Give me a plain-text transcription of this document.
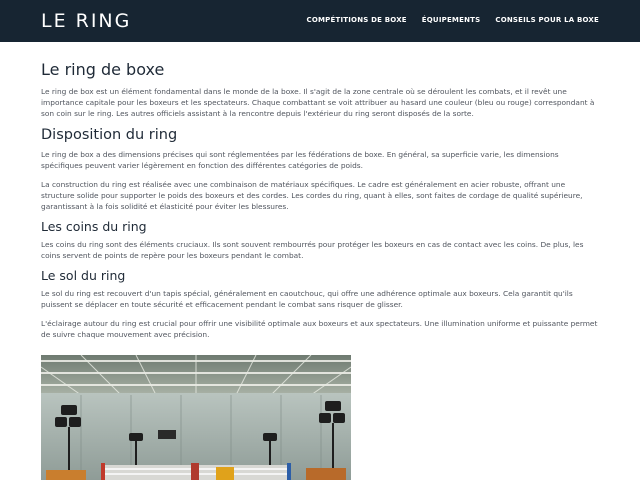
LE RING	COMPÉTITIONS DE BOXE ÉQUIPEMENTS CONSEILS POUR LA BOXE
Le ring de boxe

Le ring de box est un élément fondamental dans le monde de la boxe. Il s'agit de la zone centrale où se déroulent les combats, et il revêt une importance capitale pour les boxeurs et les spectateurs. Chaque combattant se voit attribuer au hasard une couleur (bleu ou rouge) correspondant à son coin sur le ring. Les autres officiels assistant à la rencontre depuis l'extérieur du ring seront disposés de la sorte.

Disposition du ring

Le ring de box a des dimensions précises qui sont réglementées par les fédérations de boxe. En général, sa superficie varie, les dimensions spécifiques peuvent varier légèrement en fonction des différentes catégories de poids.

La construction du ring est réalisée avec une combinaison de matériaux spécifiques. Le cadre est généralement en acier robuste, offrant une structure solide pour supporter le poids des boxeurs et des cordes. Les cordes du ring, quant à elles, sont faites de cordage de qualité supérieure, garantissant à la fois solidité et élasticité pour éviter les blessures.

Les coins du ring

Les coins du ring sont des éléments cruciaux. Ils sont souvent rembourrés pour protéger les boxeurs en cas de contact avec les coins. De plus, les coins servent de points de repère pour les boxeurs pendant le combat.

Le sol du ring

Le sol du ring est recouvert d'un tapis spécial, généralement en caoutchouc, qui offre une adhérence optimale aux boxeurs. Cela garantit qu'ils puissent se déplacer en toute sécurité et efficacement pendant le combat sans risquer de glisser.

L'éclairage autour du ring est crucial pour offrir une visibilité optimale aux boxeurs et aux spectateurs. Une illumination uniforme et puissante permet de suivre chaque mouvement avec précision.
